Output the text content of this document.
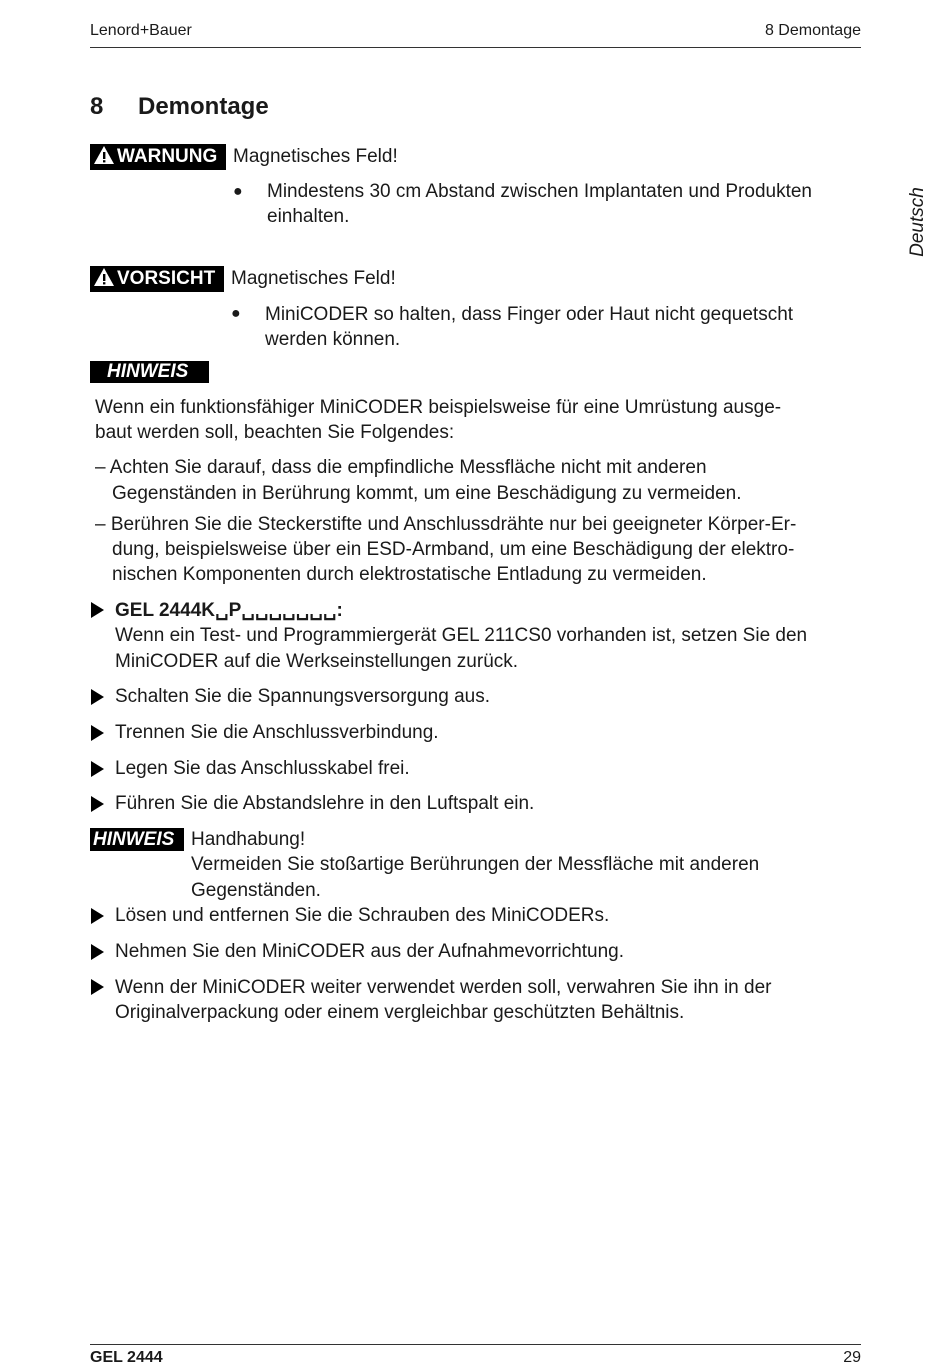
Lenord+Bauer	8 Demontage
Deutsch
8 Demontage
WARNUNG Magnetisches Feld!
● Mindestens 30 cm Abstand zwischen Implantaten und Produkten
einhalten.
VORSICHT Magnetisches Feld!
● MiniCODER so halten, dass Finger oder Haut nicht gequetscht
werden können.
HINWEIS
Wenn ein funktionsfähiger MiniCODER beispielsweise für eine Umrüstung ausge-
baut werden soll, beachten Sie Folgendes:
– Achten Sie darauf, dass die empfindliche Messfläche nicht mit anderen
Gegenständen in Berührung kommt, um eine Beschädigung zu vermeiden.
– Berühren Sie die Steckerstifte und Anschlussdrähte nur bei geeigneter Körper-Er-
dung, beispielsweise über ein ESD-Armband, um eine Beschädigung der elektro-
nischen Komponenten durch elektrostatische Entladung zu vermeiden.
GEL 2444K␣P␣␣␣␣␣␣␣:
Wenn ein Test- und Programmiergerät GEL 211CS0 vorhanden ist, setzen Sie den
MiniCODER auf die Werkseinstellungen zurück.
Schalten Sie die Spannungsversorgung aus.
Trennen Sie die Anschlussverbindung.
Legen Sie das Anschlusskabel frei.
Führen Sie die Abstandslehre in den Luftspalt ein.
HINWEIS Handhabung!
Vermeiden Sie stoßartige Berührungen der Messfläche mit anderen
Gegenständen.
Lösen und entfernen Sie die Schrauben des MiniCODERs.
Nehmen Sie den MiniCODER aus der Aufnahmevorrichtung.
Wenn der MiniCODER weiter verwendet werden soll, verwahren Sie ihn in der
Originalverpackung oder einem vergleichbar geschützten Behältnis.
GEL 2444	29
